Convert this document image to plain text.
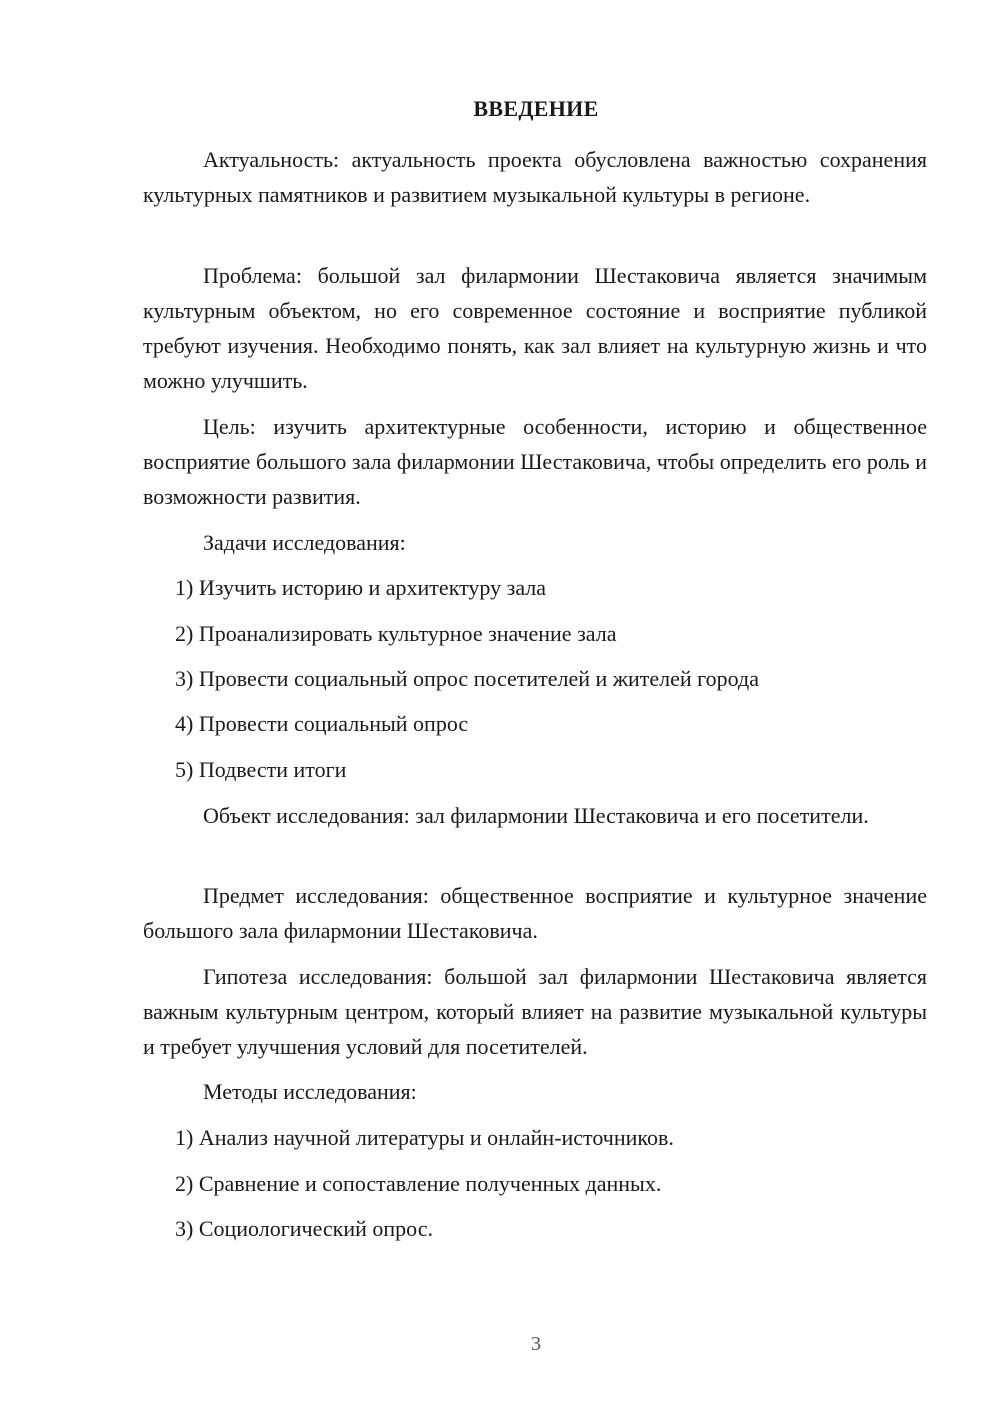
ВВЕДЕНИЕ

Актуальность: актуальность проекта обусловлена важностью сохранения культурных памятников и развитием музыкальной культуры в регионе.

Проблема: большой зал филармонии Шестаковича является значимым культурным объектом, но его современное состояние и восприятие публикой требуют изучения. Необходимо понять, как зал влияет на культурную жизнь и что можно улучшить.

Цель: изучить архитектурные особенности, историю и общественное восприятие большого зала филармонии Шестаковича, чтобы определить его роль и возможности развития.

Задачи исследования:

1) Изучить историю и архитектуру зала
2) Проанализировать культурное значение зала
3) Провести социальный опрос посетителей и жителей города
4) Провести социальный опрос
5) Подвести итоги

Объект исследования: зал филармонии Шестаковича и его посетители.

Предмет исследования: общественное восприятие и культурное значение большого зала филармонии Шестаковича.

Гипотеза исследования: большой зал филармонии Шестаковича является важным культурным центром, который влияет на развитие музыкальной культуры и требует улучшения условий для посетителей.

Методы исследования:

1) Анализ научной литературы и онлайн-источников.
2) Сравнение и сопоставление полученных данных.
3) Социологический опрос.
3
